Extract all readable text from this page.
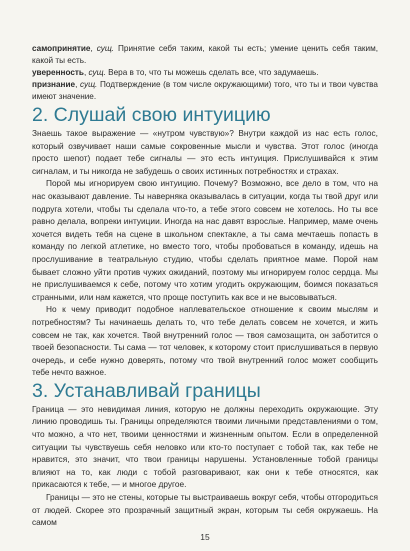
самопринятие, сущ. Принятие себя таким, какой ты есть; умение ценить себя таким, какой ты есть.

уверенность, сущ. Вера в то, что ты можешь сделать все, что задумаешь.

признание, сущ. Подтверждение (в том числе окружающими) того, что ты и твои чувства имеют значение.

2. Слушай свою интуицию

Знаешь такое выражение — «нутром чувствую»? Внутри каждой из нас есть голос, который озвучивает наши самые сокровенные мысли и чувства. Этот голос (иногда просто шепот) подает тебе сигналы — это есть интуиция. Прислушивайся к этим сигналам, и ты никогда не забудешь о своих истинных потребностях и страхах.

Порой мы игнорируем свою интуицию. Почему? Возможно, все дело в том, что на нас оказывают давление. Ты наверняка оказывалась в ситуации, когда ты твой друг или подруга хотели, чтобы ты сделала что-то, а тебе этого совсем не хотелось. Но ты все равно делала, вопреки интуиции. Иногда на нас давят взрослые. Например, маме очень хочется видеть тебя на сцене в школьном спектакле, а ты сама мечтаешь попасть в команду по легкой атлетике, но вместо того, чтобы пробоваться в команду, идешь на прослушивание в театральную студию, чтобы сделать приятное маме. Порой нам бывает сложно уйти против чужих ожиданий, поэтому мы игнорируем голос сердца. Мы не прислушиваемся к себе, потому что хотим угодить окружающим, боимся показаться странными, или нам кажется, что проще поступить как все и не высовываться.

Но к чему приводит подобное наплевательское отношение к своим мыслям и потребностям? Ты начинаешь делать то, что тебе делать совсем не хочется, и жить совсем не так, как хочется. Твой внутренний голос — твоя самозащита, он заботится о твоей безопасности. Ты сама — тот человек, к которому стоит прислушиваться в первую очередь, и себе нужно доверять, потому что твой внутренний голос может сообщить тебе нечто важное.

3. Устанавливай границы

Граница — это невидимая линия, которую не должны переходить окружающие. Эту линию проводишь ты. Границы определяются твоими личными представлениями о том, что можно, а что нет, твоими ценностями и жизненным опытом. Если в определенной ситуации ты чувствуешь себя неловко или кто-то поступает с тобой так, как тебе не нравится, это значит, что твои границы нарушены. Установленные тобой границы влияют на то, как люди с тобой разговаривают, как они к тебе относятся, как прикасаются к тебе, — и многое другое.

Границы — это не стены, которые ты выстраиваешь вокруг себя, чтобы отгородиться от людей. Скорее это прозрачный защитный экран, которым ты себя окружаешь. На самом

15
